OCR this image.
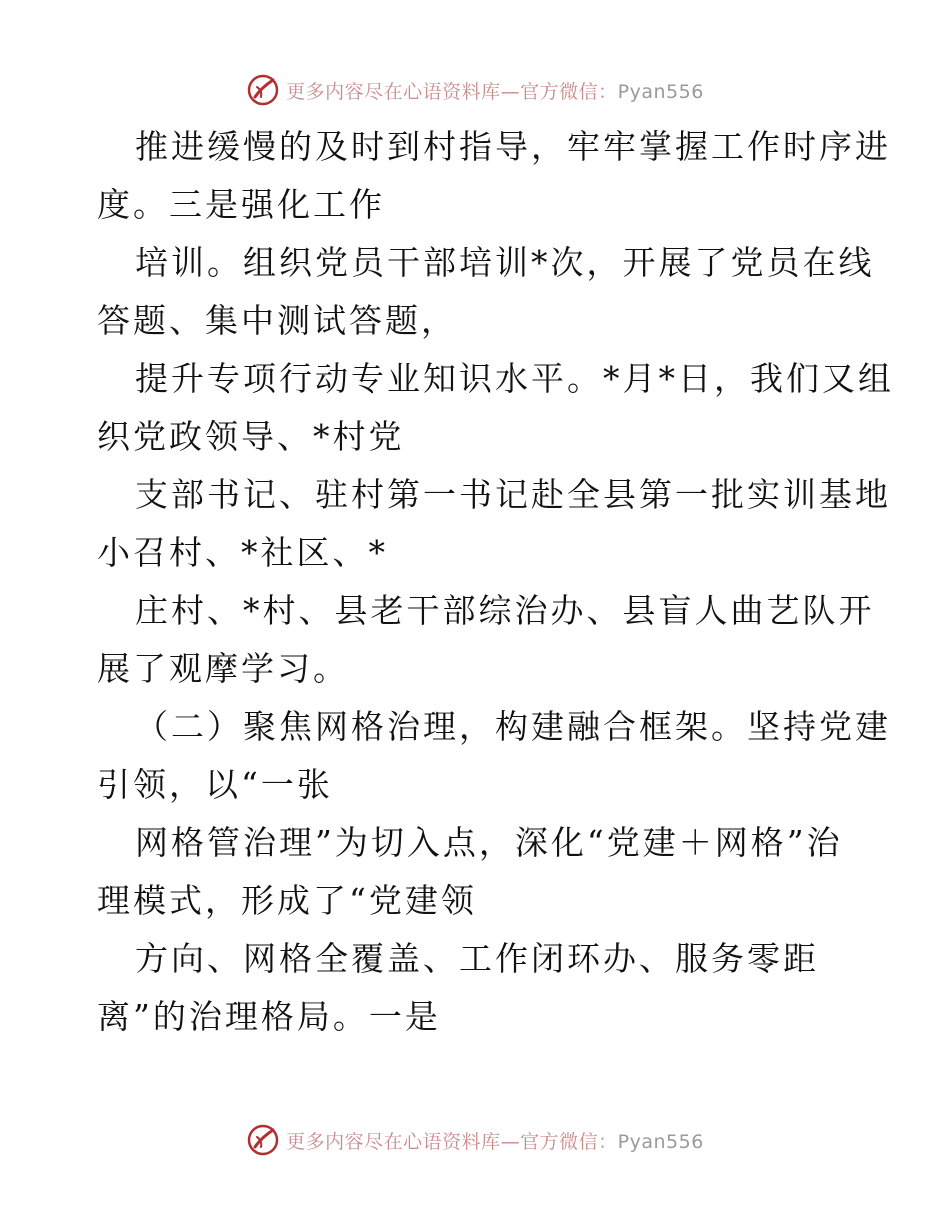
更多内容尽在心语资料库—官方微信：Pyan556
推进缓慢的及时到村指导，牢牢掌握工作时序进
度。三是强化工作
培训。组织党员干部培训*次，开展了党员在线
答题、集中测试答题，
提升专项行动专业知识水平。*月*日，我们又组
织党政领导、*村党
支部书记、驻村第一书记赴全县第一批实训基地
小召村、*社区、*
庄村、*村、县老干部综治办、县盲人曲艺队开
展了观摩学习。
（二）聚焦网格治理，构建融合框架。坚持党建
引领，以“一张
网格管治理”为切入点，深化“党建＋网格”治
理模式，形成了“党建领
方向、网格全覆盖、工作闭环办、服务零距
离”的治理格局。一是
更多内容尽在心语资料库—官方微信：Pyan556
